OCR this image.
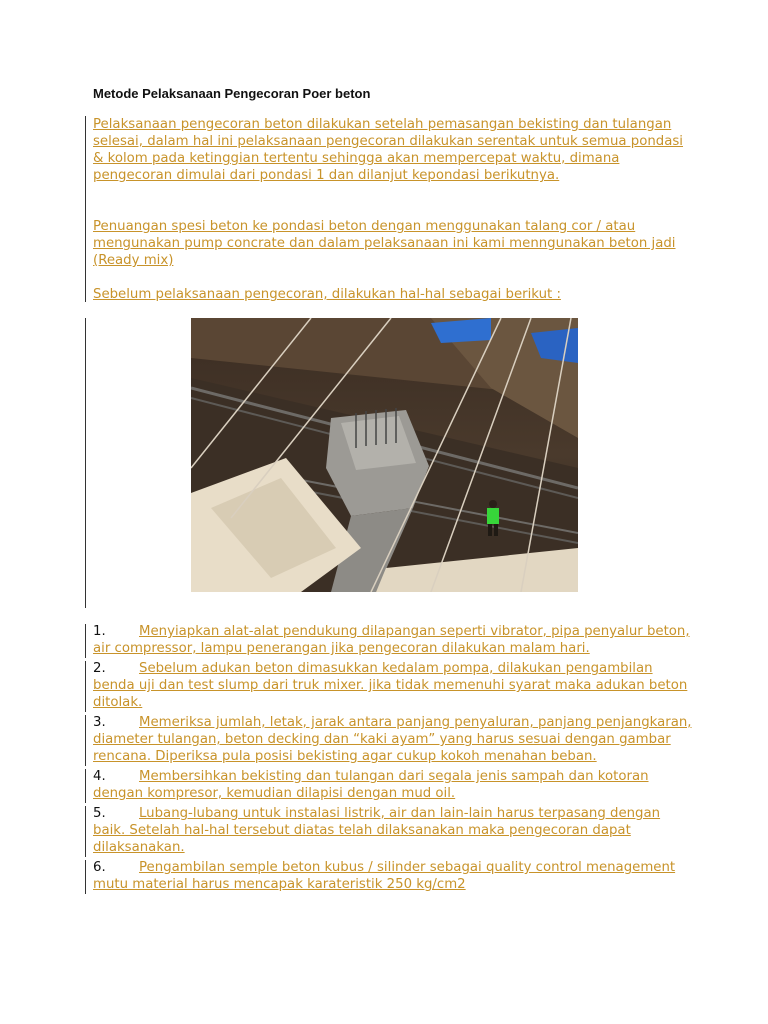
Metode Pelaksanaan Pengecoran Poer beton

Pelaksanaan pengecoran beton dilakukan setelah pemasangan bekisting dan tulangan selesai, dalam hal ini pelaksanaan pengecoran dilakukan serentak untuk semua pondasi & kolom pada ketinggian tertentu sehingga akan mempercepat waktu, dimana pengecoran dimulai dari pondasi 1 dan dilanjut kepondasi berikutnya.

Penuangan spesi beton ke pondasi beton dengan menggunakan talang cor / atau mengunakan pump concrate dan dalam pelaksanaan ini kami menngunakan beton jadi (Ready mix)

Sebelum pelaksanaan pengecoran, dilakukan hal-hal sebagai berikut :

1.	Menyiapkan alat-alat pendukung dilapangan seperti vibrator, pipa penyalur beton, air compressor, lampu penerangan jika pengecoran dilakukan malam hari.
2.	Sebelum adukan beton dimasukkan kedalam pompa, dilakukan pengambilan benda uji dan test slump dari truk mixer. jika tidak memenuhi syarat maka adukan beton ditolak.
3.	Memeriksa jumlah, letak, jarak antara panjang penyaluran, panjang penjangkaran, diameter tulangan, beton decking dan “kaki ayam” yang harus sesuai dengan gambar rencana. Diperiksa pula posisi bekisting agar cukup kokoh menahan beban.
4.	Membersihkan bekisting dan tulangan dari segala jenis sampah dan kotoran dengan kompresor, kemudian dilapisi dengan mud oil.
5.	Lubang-lubang untuk instalasi listrik, air dan lain-lain harus terpasang dengan baik. Setelah hal-hal tersebut diatas telah dilaksanakan maka pengecoran dapat dilaksanakan.
6.	Pengambilan semple beton kubus / silinder sebagai quality control menagement mutu material harus mencapak karateristik 250 kg/cm2
